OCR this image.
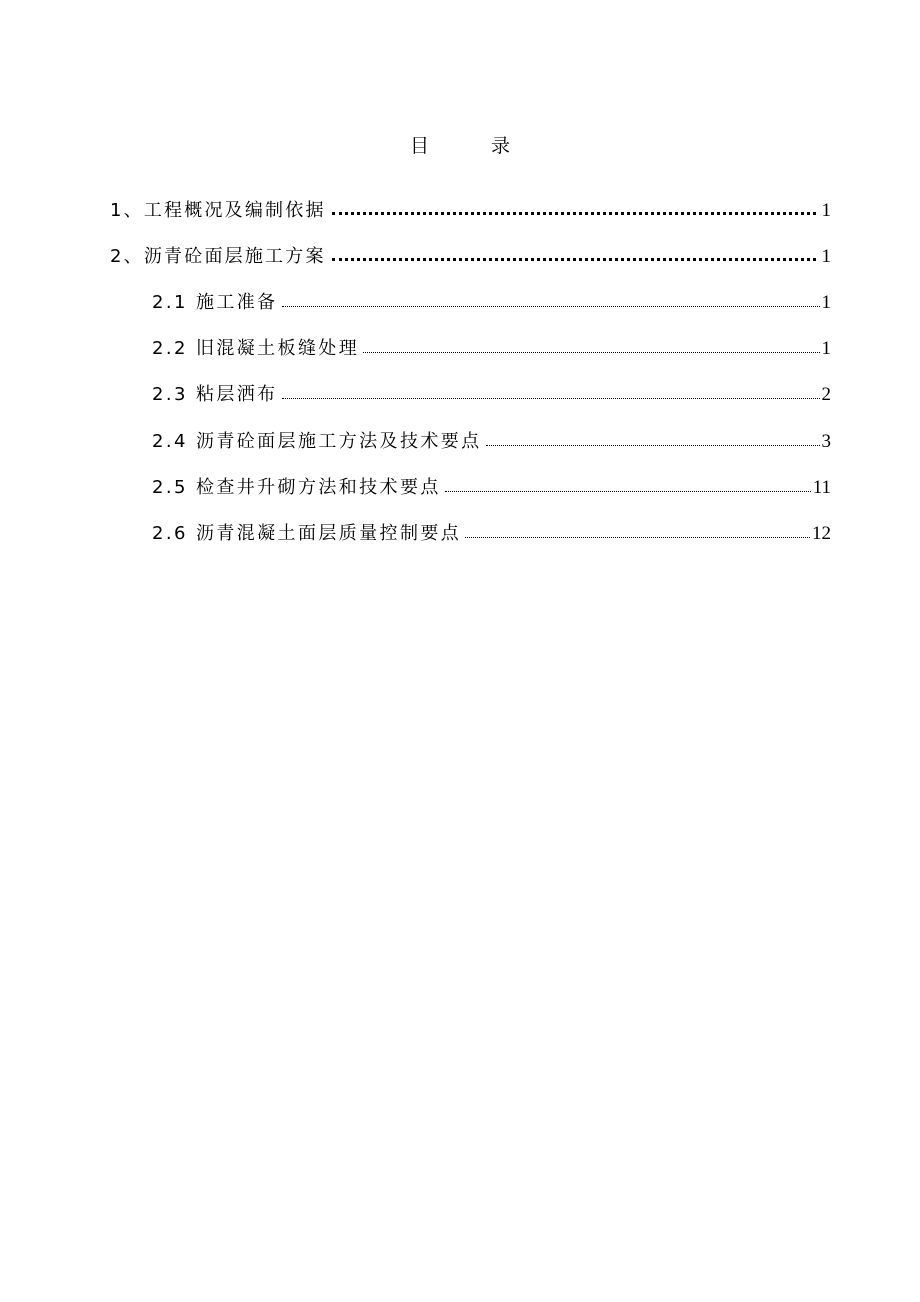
目 录
1、工程概况及编制依据	1
2、沥青砼面层施工方案	1
2.1 施工准备	1
2.2 旧混凝土板缝处理	1
2.3 粘层洒布	2
2.4 沥青砼面层施工方法及技术要点	3
2.5 检查井升砌方法和技术要点	11
2.6 沥青混凝土面层质量控制要点	12
